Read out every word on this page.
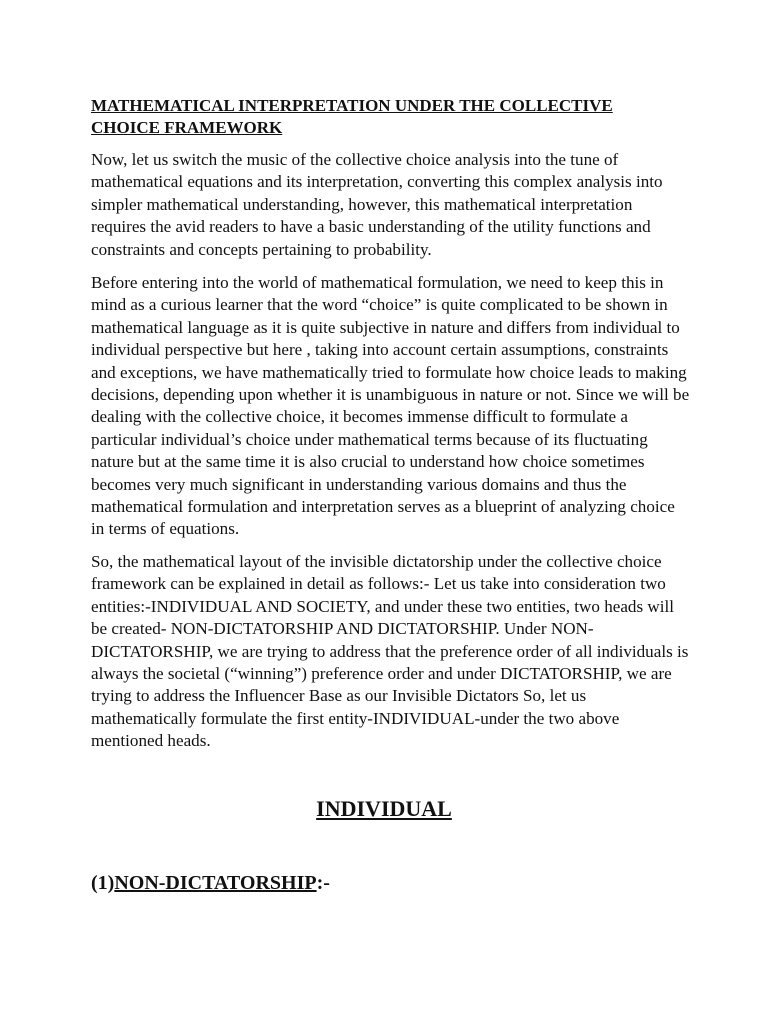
MATHEMATICAL INTERPRETATION UNDER THE COLLECTIVE CHOICE FRAMEWORK

Now, let us switch the music of the collective choice analysis into the tune of mathematical equations and its interpretation, converting this complex analysis into simpler mathematical understanding, however, this mathematical interpretation requires the avid readers to have a basic understanding of the utility functions and constraints and concepts pertaining to probability.

Before entering into the world of mathematical formulation, we need to keep this in mind as a curious learner that the word “choice” is quite complicated to be shown in mathematical language as it is quite subjective in nature and differs from individual to individual perspective but here , taking into account certain assumptions, constraints and exceptions, we have mathematically tried to formulate how choice leads to making decisions, depending upon whether it is unambiguous in nature or not. Since we will be dealing with the collective choice, it becomes immense difficult to formulate a particular individual’s choice under mathematical terms because of its fluctuating nature but at the same time it is also crucial to understand how choice sometimes becomes very much significant in understanding various domains and thus the mathematical formulation and interpretation serves as a blueprint of analyzing choice in terms of equations.

So, the mathematical layout of the invisible dictatorship under the collective choice framework can be explained in detail as follows:- Let us take into consideration two entities:-INDIVIDUAL AND SOCIETY, and under these two entities, two heads will be created- NON-DICTATORSHIP AND DICTATORSHIP. Under NON-DICTATORSHIP, we are trying to address that the preference order of all individuals is always the societal (“winning”) preference order and under DICTATORSHIP, we are trying to address the Influencer Base as our Invisible Dictators So, let us mathematically formulate the first entity-INDIVIDUAL-under the two above mentioned heads.

INDIVIDUAL
(1)NON-DICTATORSHIP:-
